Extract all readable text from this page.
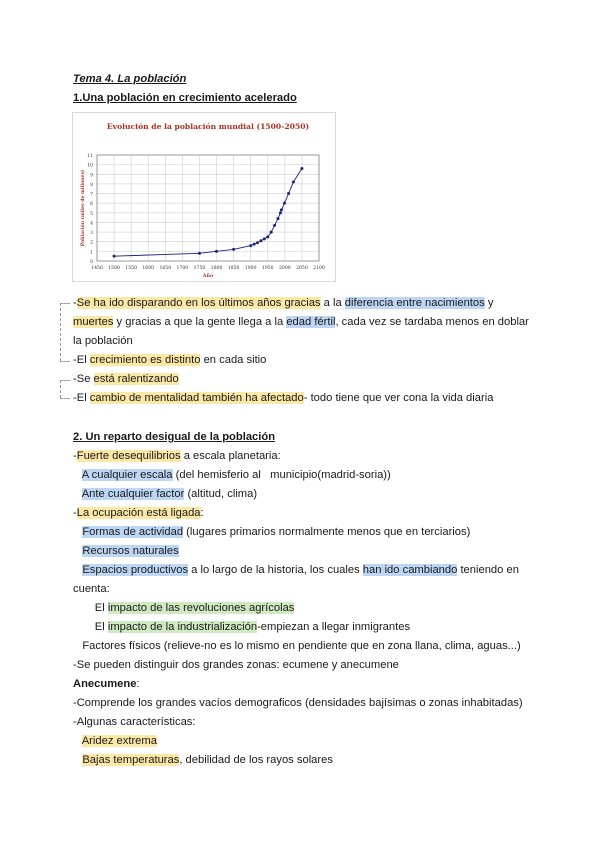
Tema 4. La población
1.Una población en crecimiento acelerado
Evolución de la población mundial (1500-2050)
0
1
2
3
4
5
6
7
8
9
10
11
1450 1500 1550 1600 1650 1700 1750 1800 1850 1900 1950 2000 2050 2100
Año
Población (miles de millones)
-Se ha ido disparando en los últimos años gracias a la diferencia entre nacimientos y
muertes y gracias a que la gente llega a la edad fértil, cada vez se tardaba menos en doblar
la población
-El crecimiento es distinto en cada sitio
-Se está ralentizando
-El cambio de mentalidad también ha afectado- todo tiene que ver cona la vida diaria
2. Un reparto desigual de la población
-Fuerte desequilibrios a escala planetaria:
A cualquier escala (del hemisferio al   municipio(madrid-soria))
Ante cualquier factor (altitud, clima)
-La ocupación está ligada:
Formas de actividad (lugares primarios normalmente menos que en terciarios)
Recursos naturales
Espacios productivos a lo largo de la historia, los cuales han ido cambiando teniendo en
cuenta:
El impacto de las revoluciones agrícolas
El impacto de la industrialización-empiezan a llegar inmigrantes
Factores físicos (relieve-no es lo mismo en pendiente que en zona llana, clima, aguas...)
-Se pueden distinguir dos grandes zonas: ecumene y anecumene
Anecumene:
-Comprende los grandes vacíos demograficos (densidades bajísimas o zonas inhabitadas)
-Algunas características:
Aridez extrema
Bajas temperaturas, debilidad de los rayos solares
